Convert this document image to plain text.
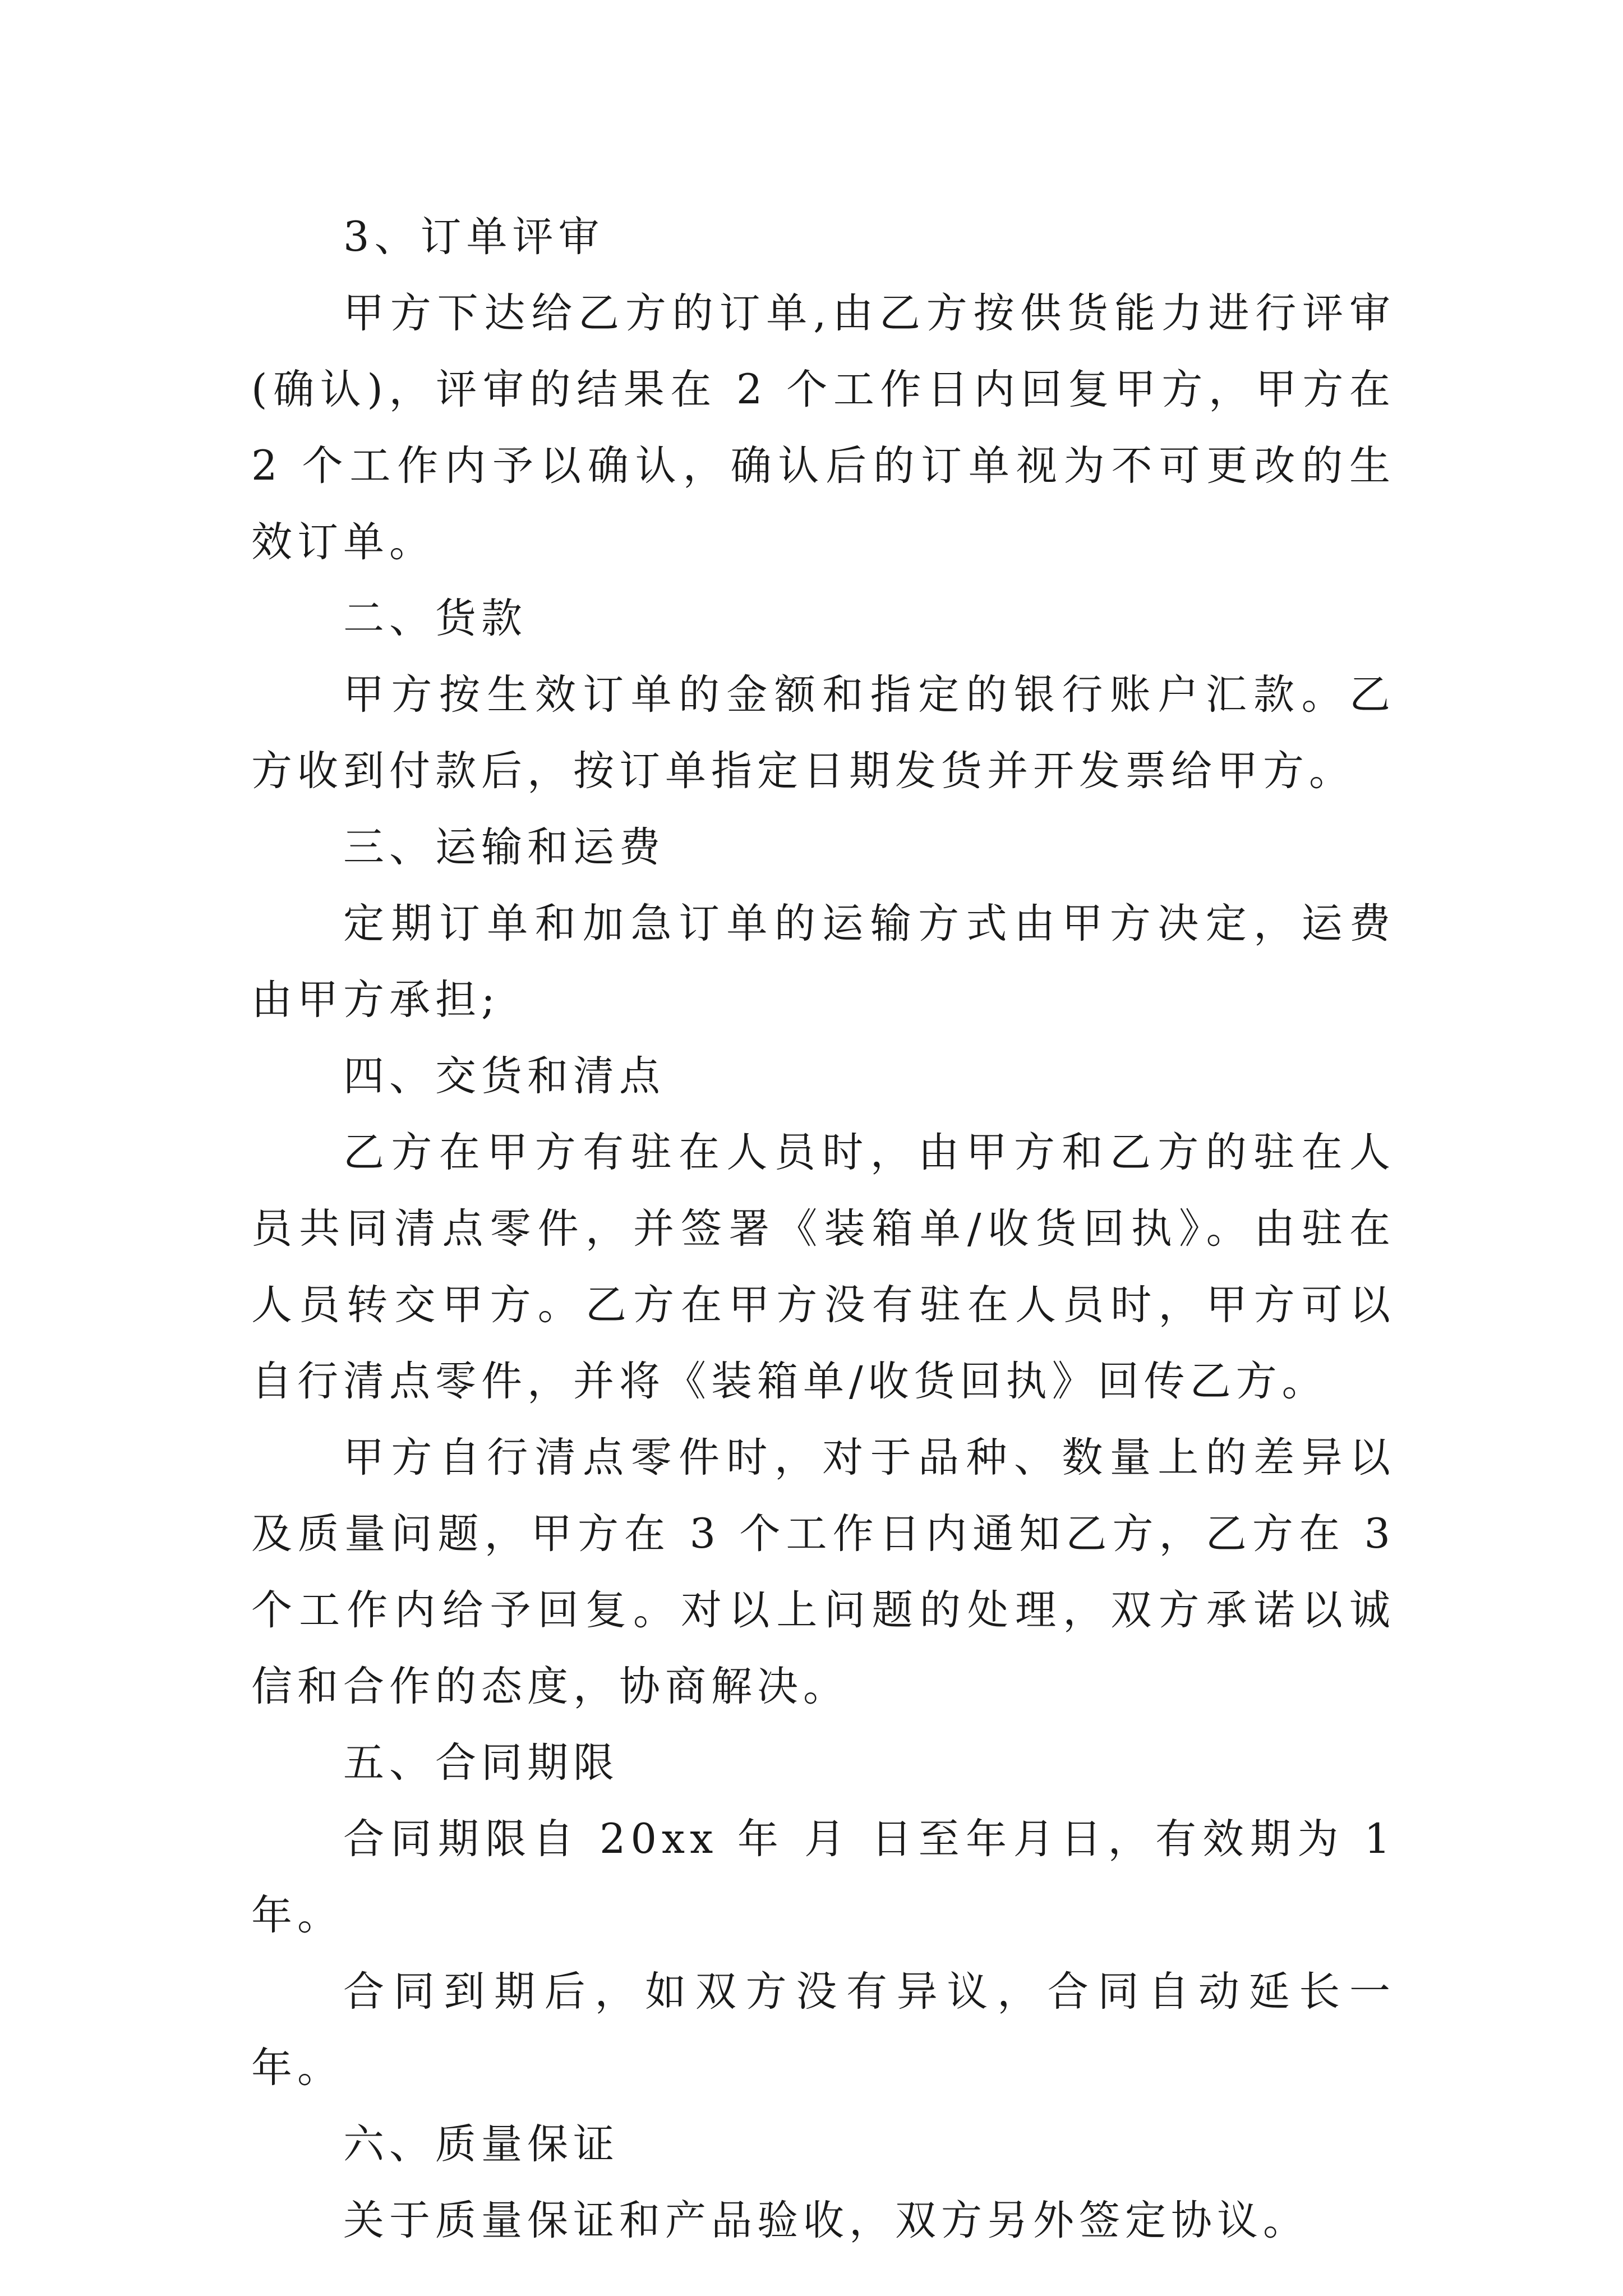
3、订单评审

甲方下达给乙方的订单,由乙方按供货能力进行评审(确认)，评审的结果在 2 个工作日内回复甲方，甲方在 2 个工作内予以确认，确认后的订单视为不可更改的生效订单。

二、货款

甲方按生效订单的金额和指定的银行账户汇款。乙方收到付款后，按订单指定日期发货并开发票给甲方。

三、运输和运费

定期订单和加急订单的运输方式由甲方决定，运费由甲方承担;

四、交货和清点

乙方在甲方有驻在人员时，由甲方和乙方的驻在人员共同清点零件，并签署《装箱单/收货回执》。由驻在人员转交甲方。乙方在甲方没有驻在人员时，甲方可以自行清点零件，并将《装箱单/收货回执》回传乙方。

甲方自行清点零件时，对于品种、数量上的差异以及质量问题，甲方在 3 个工作日内通知乙方，乙方在 3 个工作内给予回复。对以上问题的处理，双方承诺以诚信和合作的态度，协商解决。

五、合同期限

合同期限自 20xx 年 月 日至年月日，有效期为 1 年。

合同到期后，如双方没有异议，合同自动延长一年。

六、质量保证

关于质量保证和产品验收，双方另外签定协议。
